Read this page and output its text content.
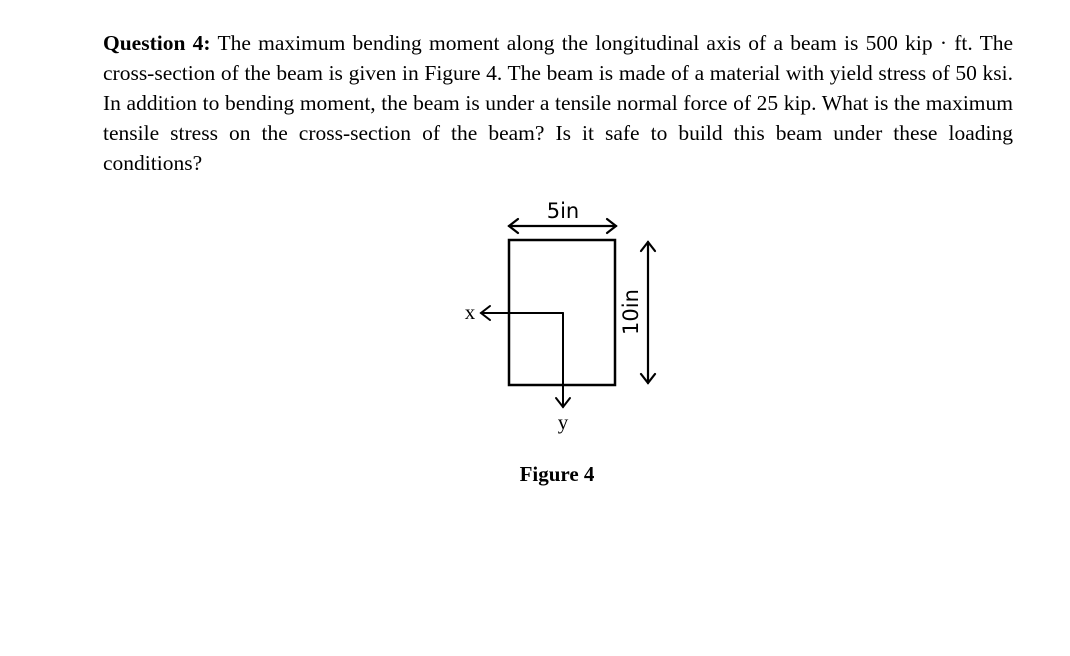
Question 4: The maximum bending moment along the longitudinal axis of a beam is 500 kip · ft. The cross-section of the beam is given in Figure 4. The beam is made of a material with yield stress of 50 ksi. In addition to bending moment, the beam is under a tensile normal force of 25 kip. What is the maximum tensile stress on the cross-section of the beam? Is it safe to build this beam under these loading conditions?

5in
10in
x
y

Figure 4
